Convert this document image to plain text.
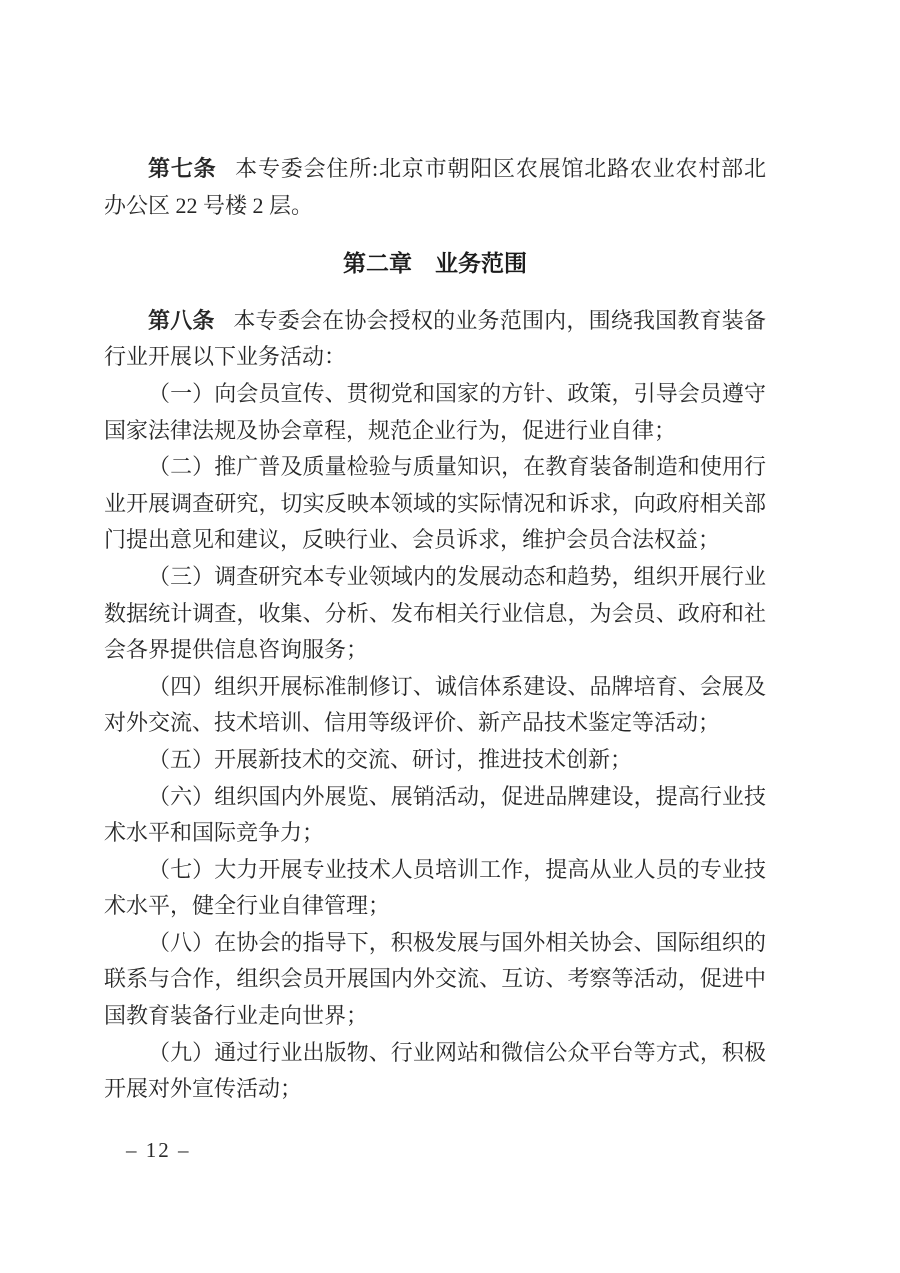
第七条 本专委会住所:北京市朝阳区农展馆北路农业农村部北办公区 22 号楼 2 层。

第二章 业务范围

第八条 本专委会在协会授权的业务范围内，围绕我国教育装备行业开展以下业务活动：

（一）向会员宣传、贯彻党和国家的方针、政策，引导会员遵守国家法律法规及协会章程，规范企业行为，促进行业自律；

（二）推广普及质量检验与质量知识，在教育装备制造和使用行业开展调查研究，切实反映本领域的实际情况和诉求，向政府相关部门提出意见和建议，反映行业、会员诉求，维护会员合法权益；

（三）调查研究本专业领域内的发展动态和趋势，组织开展行业数据统计调查，收集、分析、发布相关行业信息，为会员、政府和社会各界提供信息咨询服务；

（四）组织开展标准制修订、诚信体系建设、品牌培育、会展及对外交流、技术培训、信用等级评价、新产品技术鉴定等活动；

（五）开展新技术的交流、研讨，推进技术创新；

（六）组织国内外展览、展销活动，促进品牌建设，提高行业技术水平和国际竞争力；

（七）大力开展专业技术人员培训工作，提高从业人员的专业技术水平，健全行业自律管理；

（八）在协会的指导下，积极发展与国外相关协会、国际组织的联系与合作，组织会员开展国内外交流、互访、考察等活动，促进中国教育装备行业走向世界；

（九）通过行业出版物、行业网站和微信公众平台等方式，积极开展对外宣传活动；

– 12 –
